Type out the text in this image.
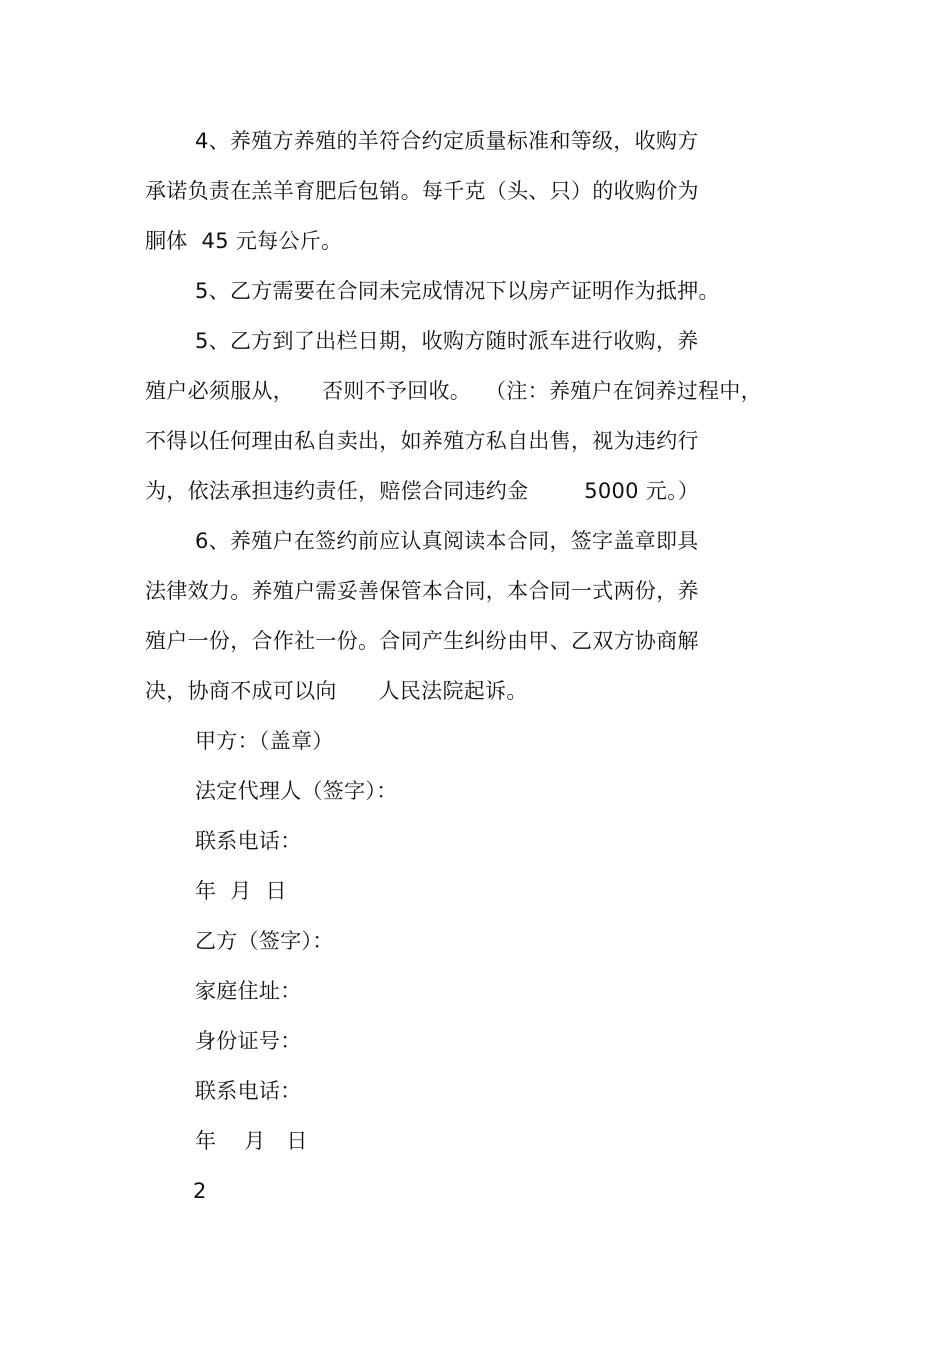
4、养殖方养殖的羊符合约定质量标准和等级，收购方
承诺负责在羔羊育肥后包销。每千克（头、只）的收购价为
胴体  45 元每公斤。
5、乙方需要在合同未完成情况下以房产证明作为抵押。
5、乙方到了出栏日期，收购方随时派车进行收购，养
殖户必须服从，    否则不予回收。  （注：养殖户在饲养过程中，
不得以任何理由私自卖出，如养殖方私自出售，视为违约行
为，依法承担违约责任，赔偿合同违约金        5000 元。）
6、养殖户在签约前应认真阅读本合同，签字盖章即具
法律效力。养殖户需妥善保管本合同，本合同一式两份，养
殖户一份，合作社一份。合同产生纠纷由甲、乙双方协商解
决，协商不成可以向      人民法院起诉。
甲方：（盖章）
法定代理人（签字）：
联系电话：
年  月  日
乙方（签字）：
家庭住址：
身份证号：
联系电话：
年    月   日
2
